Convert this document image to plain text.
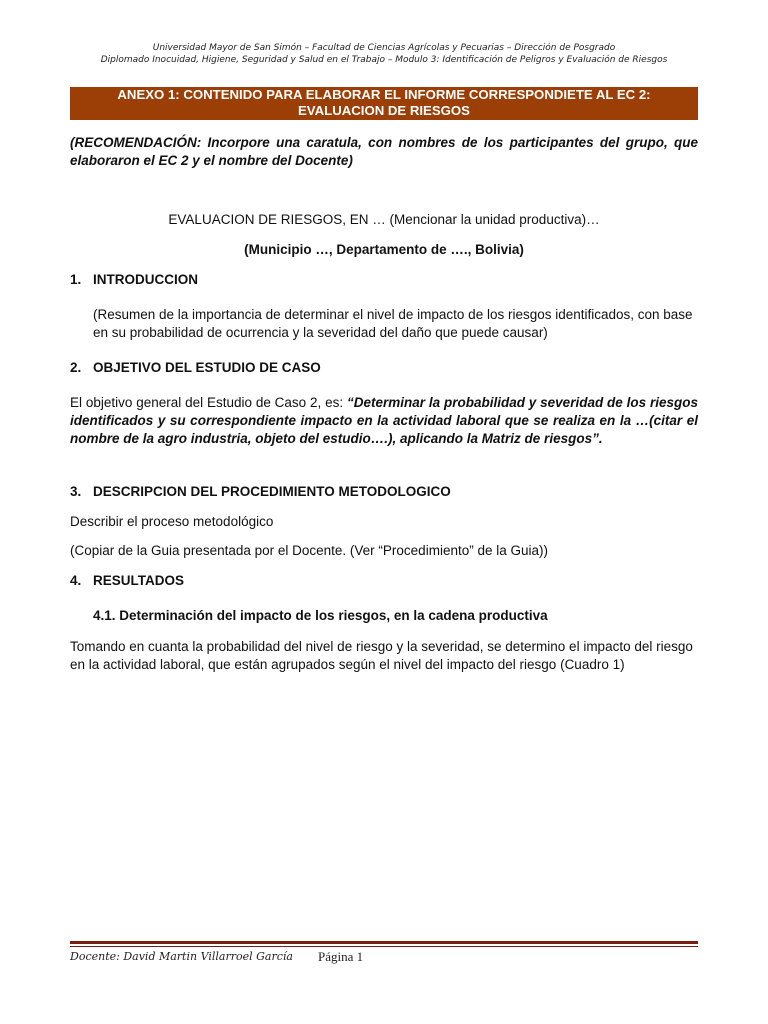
Universidad Mayor de San Simón – Facultad de Ciencias Agrícolas y Pecuarias – Dirección de Posgrado
Diplomado Inocuidad, Higiene, Seguridad y Salud en el Trabajo – Modulo 3: Identificación de Peligros y Evaluación de Riesgos
ANEXO 1: CONTENIDO PARA ELABORAR EL INFORME CORRESPONDIETE AL EC 2:
EVALUACION DE RIESGOS
(RECOMENDACIÓN: Incorpore una caratula, con nombres de los participantes del grupo, que elaboraron el EC 2 y el nombre del Docente)
EVALUACION DE RIESGOS, EN … (Mencionar la unidad productiva)…
(Municipio …, Departamento de …., Bolivia)
1. INTRODUCCION
(Resumen de la importancia de determinar el nivel de impacto de los riesgos identificados, con base en su probabilidad de ocurrencia y la severidad del daño que puede causar)
2. OBJETIVO DEL ESTUDIO DE CASO
El objetivo general del Estudio de Caso 2, es: “Determinar la probabilidad y severidad de los riesgos identificados y su correspondiente impacto en la actividad laboral que se realiza en la …(citar el nombre de la agro industria, objeto del estudio….), aplicando la Matriz de riesgos”.
3. DESCRIPCION DEL PROCEDIMIENTO METODOLOGICO
Describir el proceso metodológico
(Copiar de la Guia presentada por el Docente. (Ver “Procedimiento” de la Guia))
4. RESULTADOS
4.1. Determinación del impacto de los riesgos, en la cadena productiva
Tomando en cuanta la probabilidad del nivel de riesgo y la severidad, se determino el impacto del riesgo en la actividad laboral, que están agrupados según el nivel del impacto del riesgo (Cuadro 1)
Docente: David Martin Villarroel García Página 1
